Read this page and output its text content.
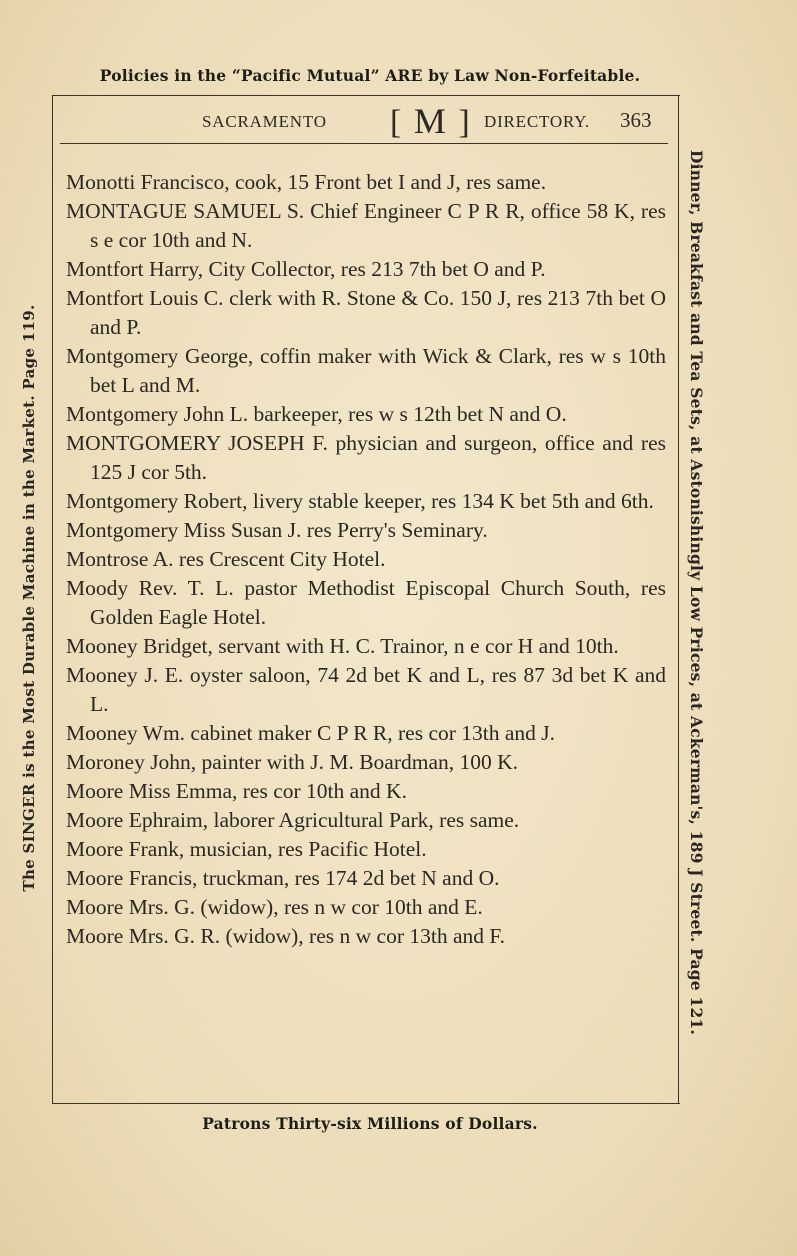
Policies in the “Pacific Mutual” ARE by Law Non-Forfeitable.
SACRAMENTO [ M ] DIRECTORY. 363
The SINGER is the Most Durable Machine in the Market. Page 119.	Dinner, Breakfast and Tea Sets, at Astonishingly Low Prices, at Ackerman's, 189 J Street. Page 121.
Monotti Francisco, cook, 15 Front bet I and J, res same.
MONTAGUE SAMUEL S. Chief Engineer C P R R, office 58 K, res s e cor 10th and N.
Montfort Harry, City Collector, res 213 7th bet O and P.
Montfort Louis C. clerk with R. Stone & Co. 150 J, res 213 7th bet O and P.
Montgomery George, coffin maker with Wick & Clark, res w s 10th bet L and M.
Montgomery John L. barkeeper, res w s 12th bet N and O.
MONTGOMERY JOSEPH F. physician and surgeon, office and res 125 J cor 5th.
Montgomery Robert, livery stable keeper, res 134 K bet 5th and 6th.
Montgomery Miss Susan J. res Perry's Seminary.
Montrose A. res Crescent City Hotel.
Moody Rev. T. L. pastor Methodist Episcopal Church South, res Golden Eagle Hotel.
Mooney Bridget, servant with H. C. Trainor, n e cor H and 10th.
Mooney J. E. oyster saloon, 74 2d bet K and L, res 87 3d bet K and L.
Mooney Wm. cabinet maker C P R R, res cor 13th and J.
Moroney John, painter with J. M. Boardman, 100 K.
Moore Miss Emma, res cor 10th and K.
Moore Ephraim, laborer Agricultural Park, res same.
Moore Frank, musician, res Pacific Hotel.
Moore Francis, truckman, res 174 2d bet N and O.
Moore Mrs. G. (widow), res n w cor 10th and E.
Moore Mrs. G. R. (widow), res n w cor 13th and F.
Patrons Thirty-six Millions of Dollars.
